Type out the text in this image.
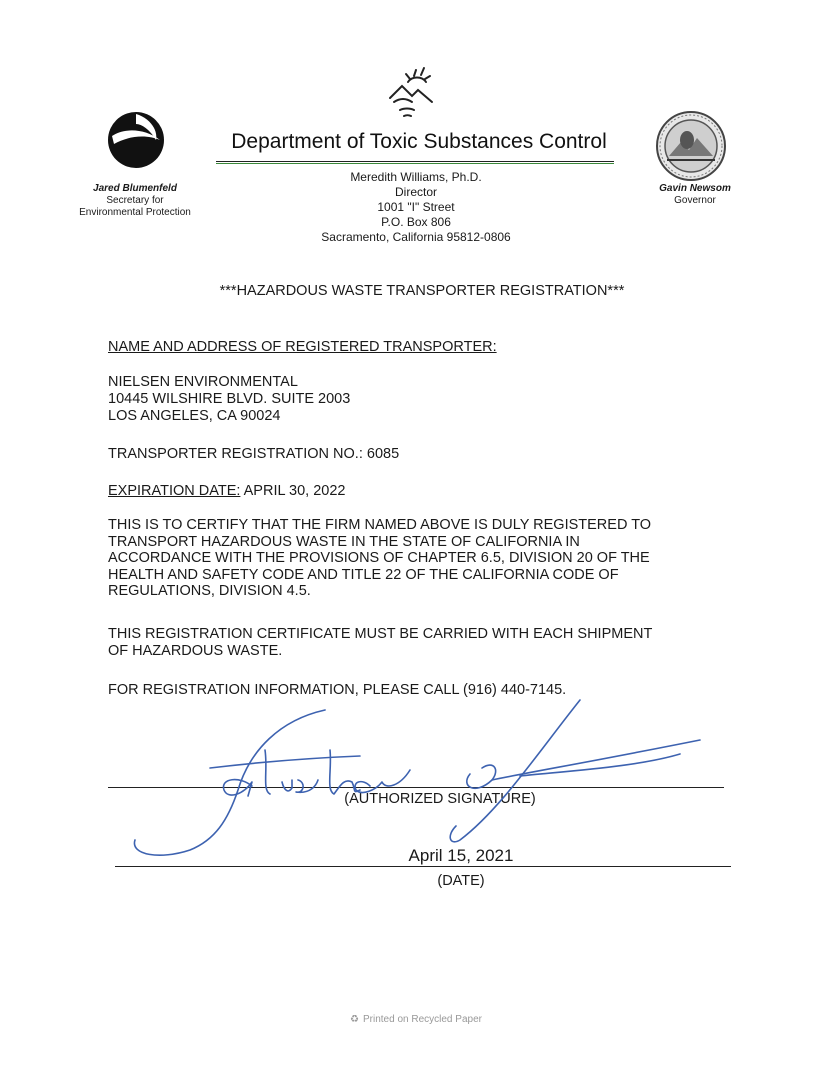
Department of Toxic Substances Control
Jared Blumenfeld
Secretary for
Environmental Protection
Meredith Williams, Ph.D.
Director
1001 "I" Street
P.O. Box 806
Sacramento, California 95812-0806
Gavin Newsom
Governor
***HAZARDOUS WASTE TRANSPORTER REGISTRATION***
NAME AND ADDRESS OF REGISTERED TRANSPORTER:
NIELSEN ENVIRONMENTAL
10445 WILSHIRE BLVD. SUITE 2003
LOS ANGELES, CA 90024
TRANSPORTER REGISTRATION NO.: 6085
EXPIRATION DATE: APRIL 30, 2022
THIS IS TO CERTIFY THAT THE FIRM NAMED ABOVE IS DULY REGISTERED TO
TRANSPORT HAZARDOUS WASTE IN THE STATE OF CALIFORNIA IN
ACCORDANCE WITH THE PROVISIONS OF CHAPTER 6.5, DIVISION 20 OF THE
HEALTH AND SAFETY CODE AND TITLE 22 OF THE CALIFORNIA CODE OF
REGULATIONS, DIVISION 4.5.
THIS REGISTRATION CERTIFICATE MUST BE CARRIED WITH EACH SHIPMENT
OF HAZARDOUS WASTE.
FOR REGISTRATION INFORMATION, PLEASE CALL (916) 440-7145.
(AUTHORIZED SIGNATURE)
April 15, 2021
(DATE)
♻ Printed on Recycled Paper
